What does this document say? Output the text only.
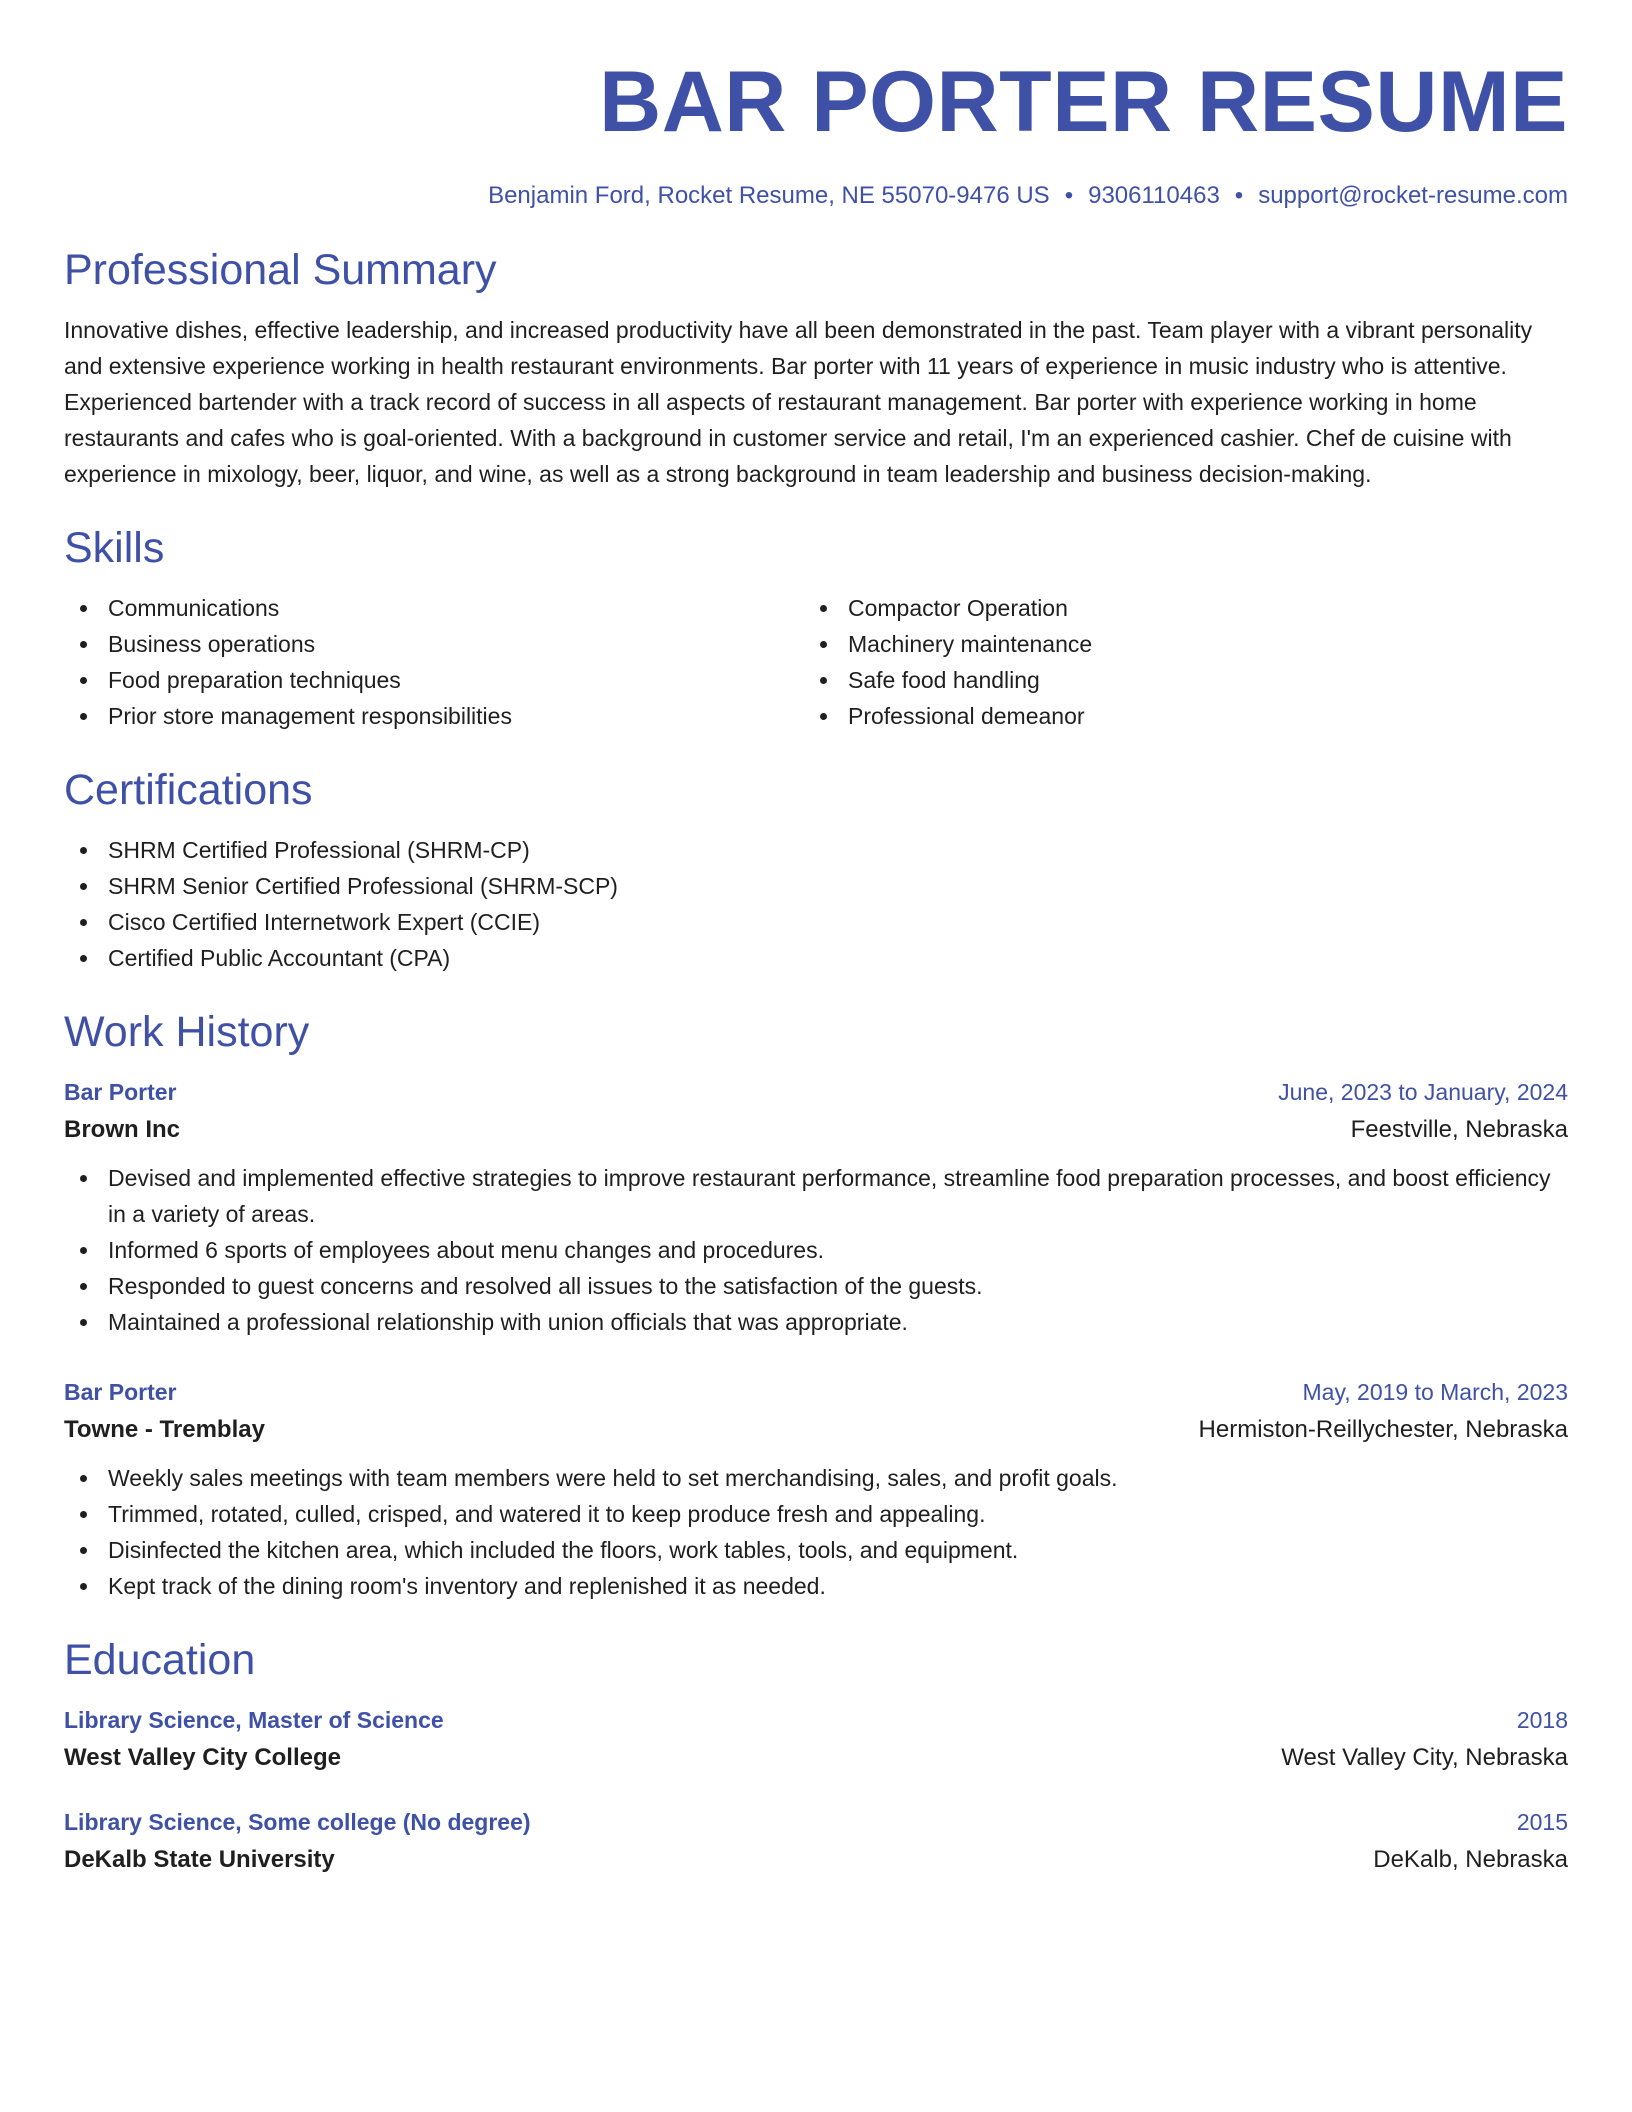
BAR PORTER RESUME
Benjamin Ford, Rocket Resume, NE 55070-9476 US • 9306110463 • support@rocket-resume.com
Professional Summary

Innovative dishes, effective leadership, and increased productivity have all been demonstrated in the past. Team player with a vibrant personality and extensive experience working in health restaurant environments. Bar porter with 11 years of experience in music industry who is attentive. Experienced bartender with a track record of success in all aspects of restaurant management. Bar porter with experience working in home restaurants and cafes who is goal-oriented. With a background in customer service and retail, I'm an experienced cashier. Chef de cuisine with experience in mixology, beer, liquor, and wine, as well as a strong background in team leadership and business decision-making.

Skills
Communications
Business operations
Food preparation techniques
Prior store management responsibilities
Compactor Operation
Machinery maintenance
Safe food handling
Professional demeanor
Certifications
SHRM Certified Professional (SHRM-CP)
SHRM Senior Certified Professional (SHRM-SCP)
Cisco Certified Internetwork Expert (CCIE)
Certified Public Accountant (CPA)
Work History
Bar Porter	June, 2023 to January, 2024
Brown Inc	Feestville, Nebraska
Devised and implemented effective strategies to improve restaurant performance, streamline food preparation processes, and boost efficiency in a variety of areas.
Informed 6 sports of employees about menu changes and procedures.
Responded to guest concerns and resolved all issues to the satisfaction of the guests.
Maintained a professional relationship with union officials that was appropriate.
Bar Porter	May, 2019 to March, 2023
Towne - Tremblay	Hermiston-Reillychester, Nebraska
Weekly sales meetings with team members were held to set merchandising, sales, and profit goals.
Trimmed, rotated, culled, crisped, and watered it to keep produce fresh and appealing.
Disinfected the kitchen area, which included the floors, work tables, tools, and equipment.
Kept track of the dining room's inventory and replenished it as needed.
Education
Library Science, Master of Science	2018
West Valley City College	West Valley City, Nebraska
Library Science, Some college (No degree)	2015
DeKalb State University	DeKalb, Nebraska
